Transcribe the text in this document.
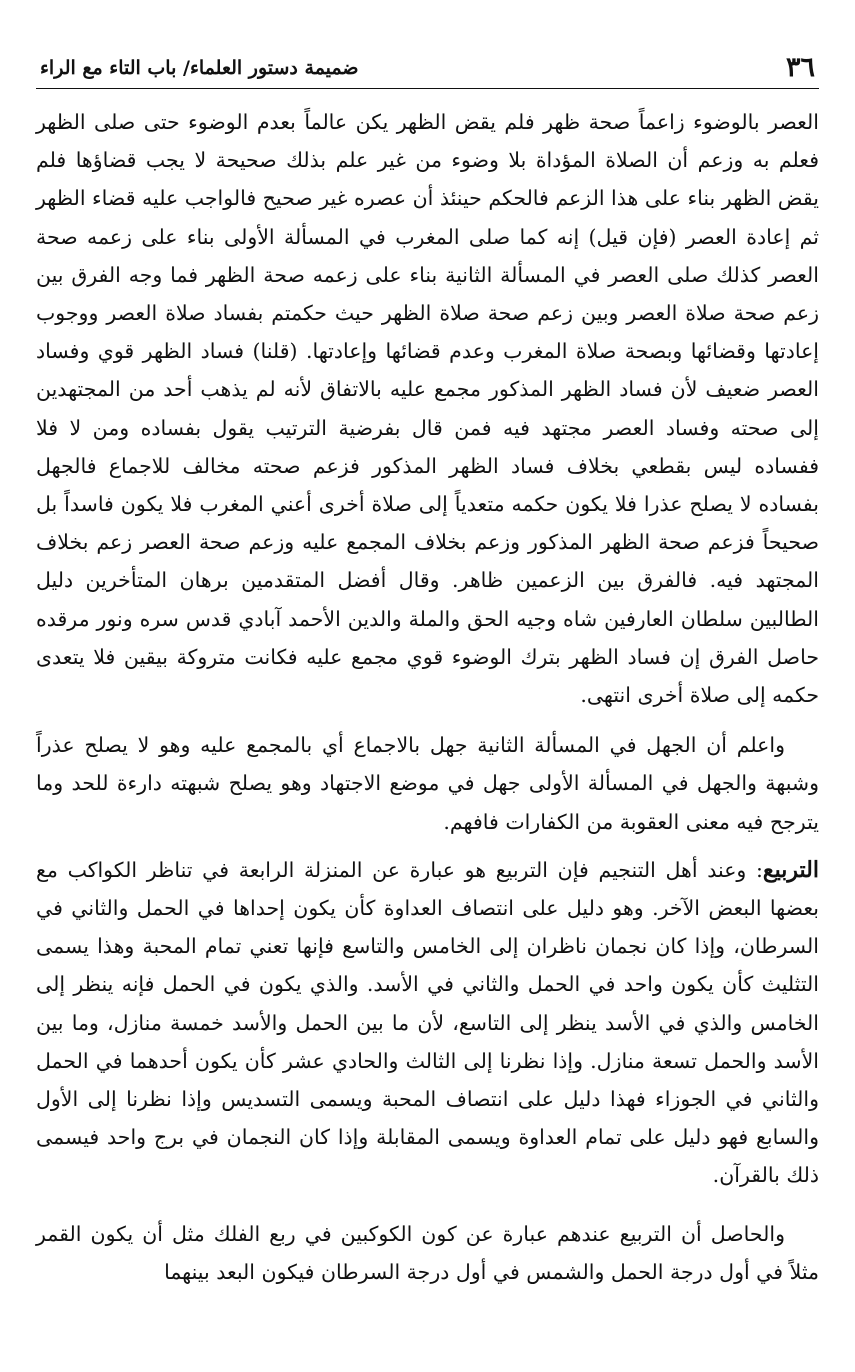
٣٦
ضميمة دستور العلماء/ باب التاء مع الراء

العصر بالوضوء زاعماً صحة ظهر فلم يقض الظهر يكن عالماً بعدم الوضوء حتى صلى الظهر فعلم به وزعم أن الصلاة المؤداة بلا وضوء من غير علم بذلك صحيحة لا يجب قضاؤها فلم يقض الظهر بناء على هذا الزعم فالحكم حينئذ أن عصره غير صحيح فالواجب عليه قضاء الظهر ثم إعادة العصر (فإن قيل) إنه كما صلى المغرب في المسألة الأولى بناء على زعمه صحة العصر كذلك صلى العصر في المسألة الثانية بناء على زعمه صحة الظهر فما وجه الفرق بين زعم صحة صلاة العصر وبين زعم صحة صلاة الظهر حيث حكمتم بفساد صلاة العصر ووجوب إعادتها وقضائها وبصحة صلاة المغرب وعدم قضائها وإعادتها. (قلنا) فساد الظهر قوي وفساد العصر ضعيف لأن فساد الظهر المذكور مجمع عليه بالاتفاق لأنه لم يذهب أحد من المجتهدين إلى صحته وفساد العصر مجتهد فيه فمن قال بفرضية الترتيب يقول بفساده ومن لا فلا ففساده ليس بقطعي بخلاف فساد الظهر المذكور فزعم صحته مخالف للاجماع فالجهل بفساده لا يصلح عذرا فلا يكون حكمه متعدياً إلى صلاة أخرى أعني المغرب فلا يكون فاسداً بل صحيحاً فزعم صحة الظهر المذكور وزعم بخلاف المجمع عليه وزعم صحة العصر زعم بخلاف المجتهد فيه. فالفرق بين الزعمين ظاهر. وقال أفضل المتقدمين برهان المتأخرين دليل الطالبين سلطان العارفين شاه وجيه الحق والملة والدين الأحمد آبادي قدس سره ونور مرقده حاصل الفرق إن فساد الظهر بترك الوضوء قوي مجمع عليه فكانت متروكة بيقين فلا يتعدى حكمه إلى صلاة أخرى انتهى.

واعلم أن الجهل في المسألة الثانية جهل بالاجماع أي بالمجمع عليه وهو لا يصلح عذراً وشبهة والجهل في المسألة الأولى جهل في موضع الاجتهاد وهو يصلح شبهته دارءة للحد وما يترجح فيه معنى العقوبة من الكفارات فافهم.

التربيع: وعند أهل التنجيم فإن التربيع هو عبارة عن المنزلة الرابعة في تناظر الكواكب مع بعضها البعض الآخر. وهو دليل على انتصاف العداوة كأن يكون إحداها في الحمل والثاني في السرطان، وإذا كان نجمان ناظران إلى الخامس والتاسع فإنها تعني تمام المحبة وهذا يسمى التثليث كأن يكون واحد في الحمل والثاني في الأسد. والذي يكون في الحمل فإنه ينظر إلى الخامس والذي في الأسد ينظر إلى التاسع، لأن ما بين الحمل والأسد خمسة منازل، وما بين الأسد والحمل تسعة منازل. وإذا نظرنا إلى الثالث والحادي عشر كأن يكون أحدهما في الحمل والثاني في الجوزاء فهذا دليل على انتصاف المحبة ويسمى التسديس وإذا نظرنا إلى الأول والسابع فهو دليل على تمام العداوة ويسمى المقابلة وإذا كان النجمان في برج واحد فيسمى ذلك بالقرآن.

والحاصل أن التربيع عندهم عبارة عن كون الكوكبين في ربع الفلك مثل أن يكون القمر مثلاً في أول درجة الحمل والشمس في أول درجة السرطان فيكون البعد بينهما
